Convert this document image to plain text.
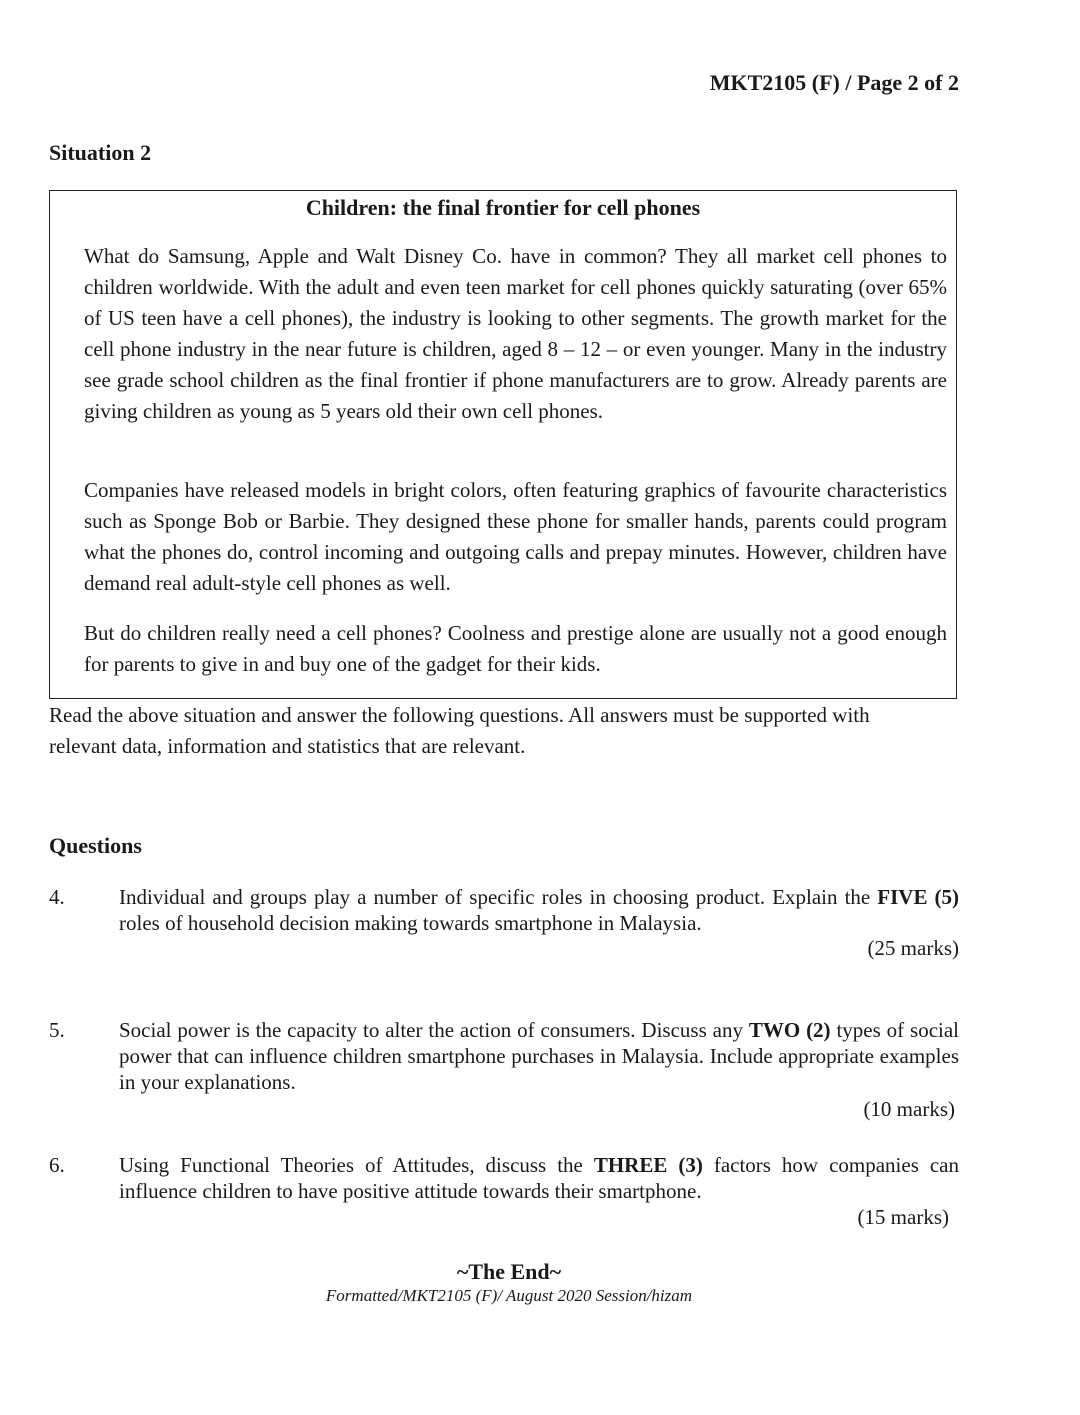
MKT2105 (F) / Page 2 of 2
Situation 2
Children: the final frontier for cell phones

What do Samsung, Apple and Walt Disney Co. have in common? They all market cell phones to children worldwide. With the adult and even teen market for cell phones quickly saturating (over 65% of US teen have a cell phones), the industry is looking to other segments. The growth market for the cell phone industry in the near future is children, aged 8 – 12 – or even younger. Many in the industry see grade school children as the final frontier if phone manufacturers are to grow. Already parents are giving children as young as 5 years old their own cell phones.

Companies have released models in bright colors, often featuring graphics of favourite characteristics such as Sponge Bob or Barbie. They designed these phone for smaller hands, parents could program what the phones do, control incoming and outgoing calls and prepay minutes. However, children have demand real adult-style cell phones as well.

But do children really need a cell phones? Coolness and prestige alone are usually not a good enough for parents to give in and buy one of the gadget for their kids.

Read the above situation and answer the following questions. All answers must be supported with relevant data, information and statistics that are relevant.

Questions
4.	Individual and groups play a number of specific roles in choosing product. Explain the FIVE (5) roles of household decision making towards smartphone in Malaysia.

(25 marks)
5.	Social power is the capacity to alter the action of consumers. Discuss any TWO (2) types of social power that can influence children smartphone purchases in Malaysia. Include appropriate examples in your explanations.

(10 marks)
6.	Using Functional Theories of Attitudes, discuss the THREE (3) factors how companies can influence children to have positive attitude towards their smartphone.

(15 marks)
~The End~
Formatted/MKT2105 (F)/ August 2020 Session/hizam
